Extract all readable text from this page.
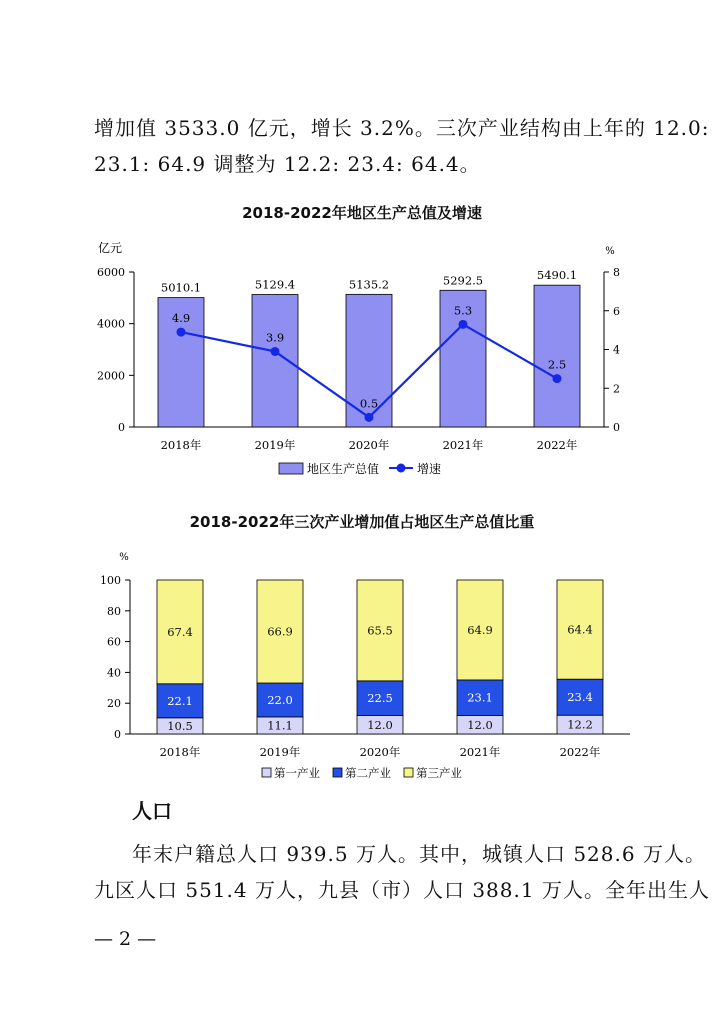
增加值 3533.0 亿元，增长 3.2%。三次产业结构由上年的 12.0:
23.1: 64.9 调整为 12.2: 23.4: 64.4。
2018-2022年地区生产总值及增速
亿元	%
0
2000
4000
6000
0
2
4
6
8
5010.1
2018年
5129.4
2019年
5135.2
2020年
5292.5
2021年
5490.1
2022年
4.9
3.9
0.5
5.3
2.5
地区生产总值	增速
2018-2022年三次产业增加值占地区生产总值比重
%
0
20
40
60
80
100
10.5
22.1
67.4
2018年
11.1
22.0
66.9
2019年
12.0
22.5
65.5
2020年
12.0
23.1
64.9
2021年
12.2
23.4
64.4
2022年
第一产业 第二产业 第三产业
人口
年末户籍总人口 939.5 万人。其中，城镇人口 528.6 万人。
九区人口 551.4 万人，九县（市）人口 388.1 万人。全年出生人
— 2 —
